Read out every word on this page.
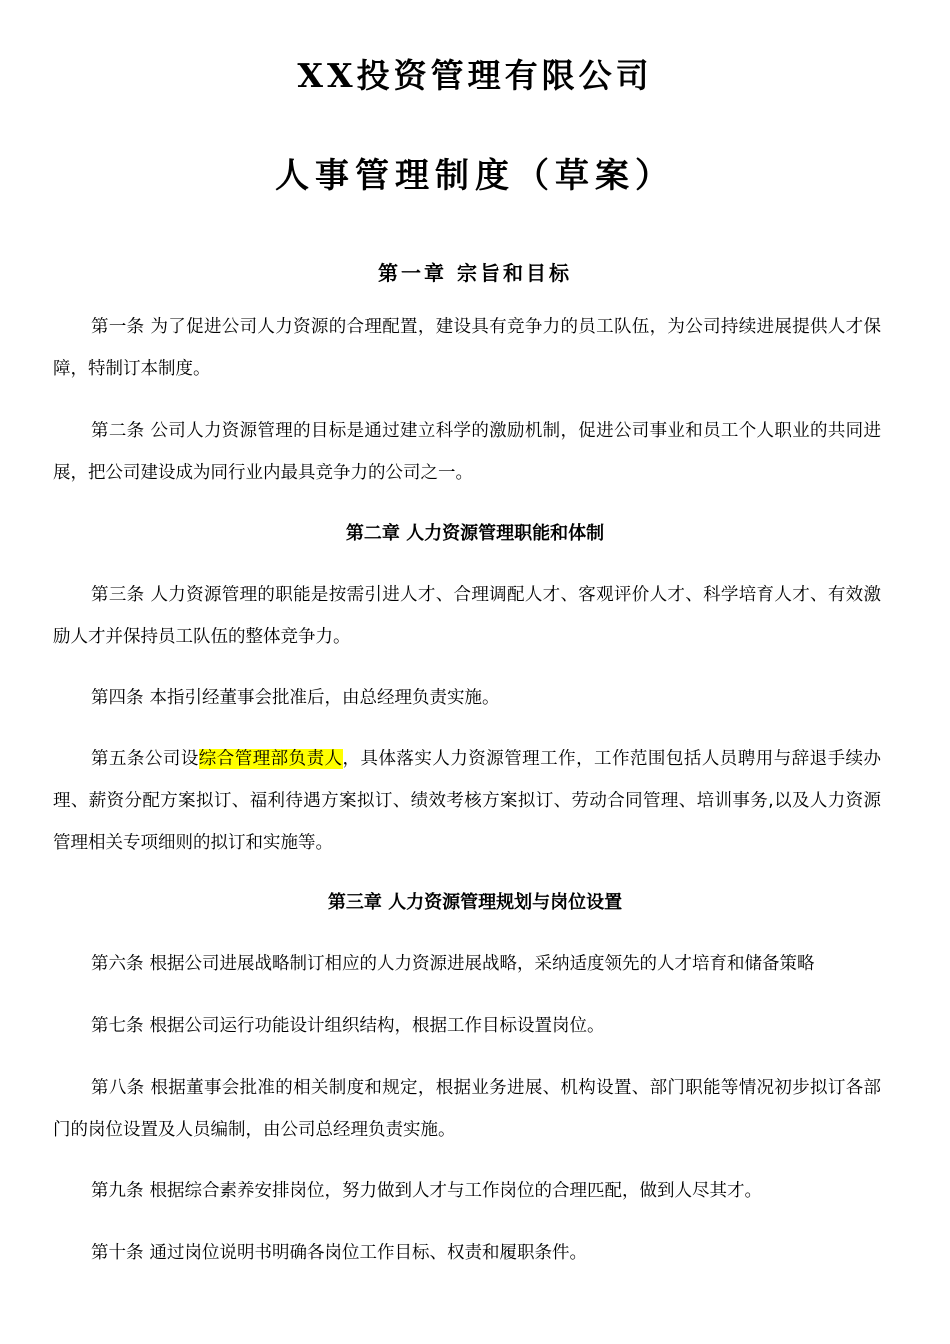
XX投资管理有限公司
人事管理制度（草案）
第一章 宗旨和目标
第一条 为了促进公司人力资源的合理配置，建设具有竞争力的员工队伍，为公司持续进展提供人才保障，特制订本制度。
第二条 公司人力资源管理的目标是通过建立科学的激励机制，促进公司事业和员工个人职业的共同进展，把公司建设成为同行业内最具竞争力的公司之一。
第二章 人力资源管理职能和体制
第三条 人力资源管理的职能是按需引进人才、合理调配人才、客观评价人才、科学培育人才、有效激励人才并保持员工队伍的整体竞争力。
第四条 本指引经董事会批准后，由总经理负责实施。
第五条公司设综合管理部负责人，具体落实人力资源管理工作，工作范围包括人员聘用与辞退手续办理、薪资分配方案拟订、福利待遇方案拟订、绩效考核方案拟订、劳动合同管理、培训事务,以及人力资源管理相关专项细则的拟订和实施等。
第三章 人力资源管理规划与岗位设置
第六条 根据公司进展战略制订相应的人力资源进展战略，采纳适度领先的人才培育和储备策略
第七条 根据公司运行功能设计组织结构，根据工作目标设置岗位。
第八条 根据董事会批准的相关制度和规定，根据业务进展、机构设置、部门职能等情况初步拟订各部门的岗位设置及人员编制，由公司总经理负责实施。
第九条 根据综合素养安排岗位，努力做到人才与工作岗位的合理匹配，做到人尽其才。
第十条 通过岗位说明书明确各岗位工作目标、权责和履职条件。
